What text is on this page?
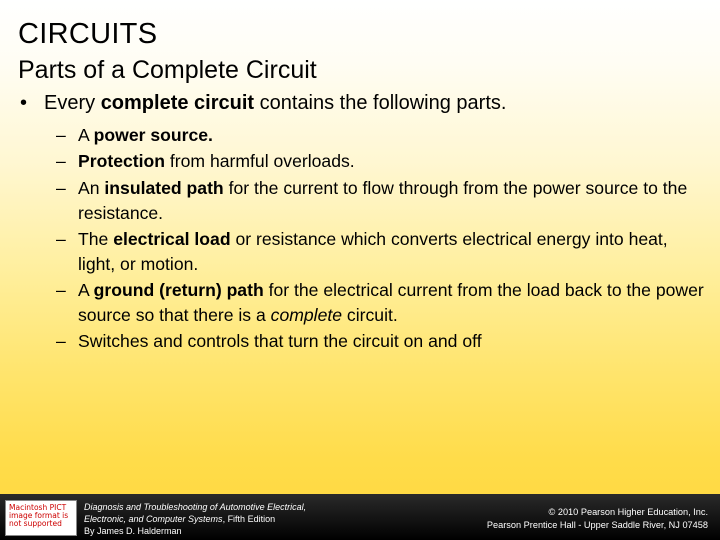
CIRCUITS
Parts of a Complete Circuit
• Every complete circuit contains the following parts.
– A power source.
– Protection from harmful overloads.
– An insulated path for the current to flow through from the power source to the resistance.
– The electrical load or resistance which converts electrical energy into heat, light, or motion.
– A ground (return) path for the electrical current from the load back to the power source so that there is a complete circuit.
– Switches and controls that turn the circuit on and off
Macintosh PICT image format is not supported
Diagnosis and Troubleshooting of Automotive Electrical,
Electronic, and Computer Systems, Fifth Edition
By James D. Halderman
© 2010 Pearson Higher Education, Inc.
Pearson Prentice Hall - Upper Saddle River, NJ 07458
